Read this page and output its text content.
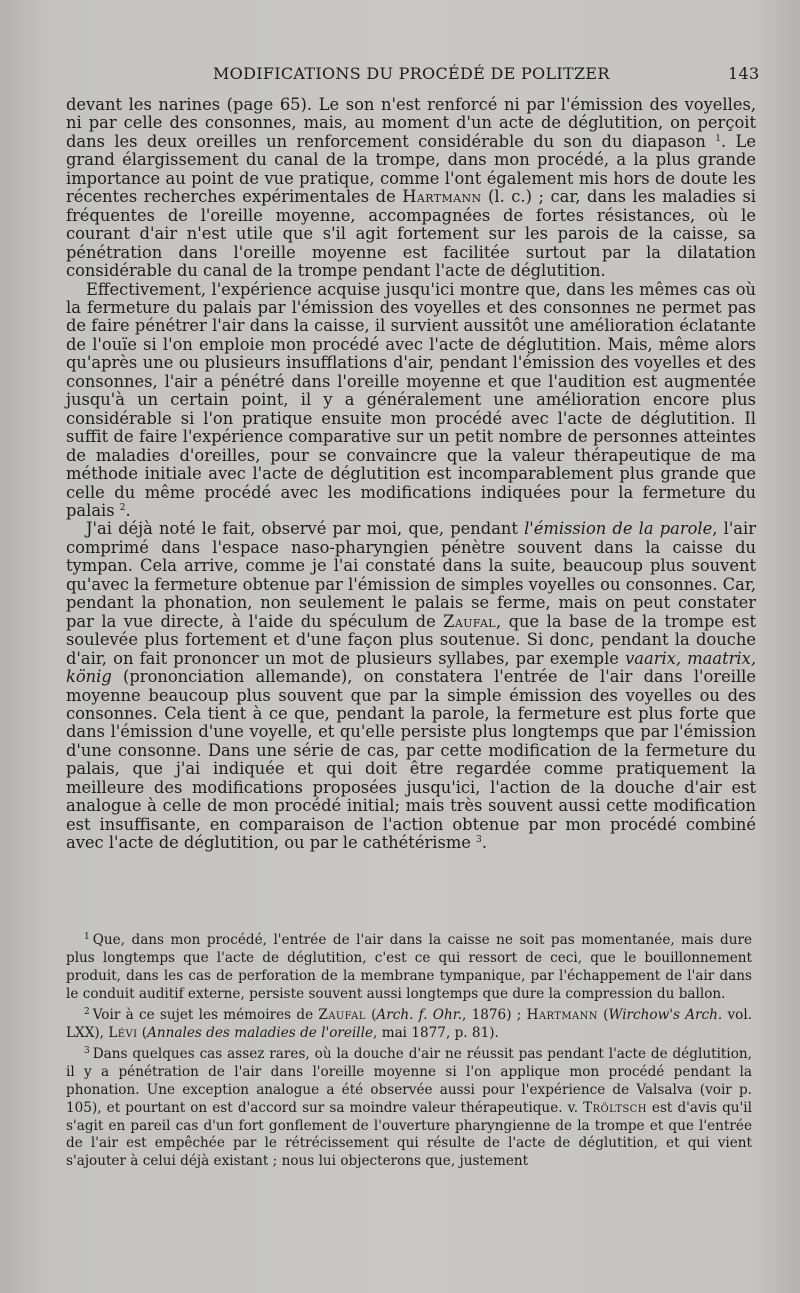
MODIFICATIONS DU PROCÉDÉ DE POLITZER	143

devant les narines (page 65). Le son n'est renforcé ni par l'émission des voyelles, ni par celle des consonnes, mais, au moment d'un acte de déglutition, on perçoit dans les deux oreilles un renforcement considérable du son du diapason $^1$. Le grand élargissement du canal de la trompe, dans mon procédé, a la plus grande importance au point de vue pratique, comme l'ont également mis hors de doute les récentes recherches expérimentales de Hartmann (l. c.) ; car, dans les maladies si fréquentes de l'oreille moyenne, accompagnées de fortes résistances, où le courant d'air n'est utile que s'il agit fortement sur les parois de la caisse, sa pénétration dans l'oreille moyenne est facilitée surtout par la dilatation considérable du canal de la trompe pendant l'acte de déglutition.

Effectivement, l'expérience acquise jusqu'ici montre que, dans les mêmes cas où la fermeture du palais par l'émission des voyelles et des consonnes ne permet pas de faire pénétrer l'air dans la caisse, il survient aussitôt une amélioration éclatante de l'ouïe si l'on emploie mon procédé avec l'acte de déglutition. Mais, même alors qu'après une ou plusieurs insufflations d'air, pendant l'émission des voyelles et des consonnes, l'air a pénétré dans l'oreille moyenne et que l'audition est augmentée jusqu'à un certain point, il y a généralement une amélioration encore plus considérable si l'on pratique ensuite mon procédé avec l'acte de déglutition. Il suffit de faire l'expérience comparative sur un petit nombre de personnes atteintes de maladies d'oreilles, pour se convaincre que la valeur thérapeutique de ma méthode initiale avec l'acte de déglutition est incomparablement plus grande que celle du même procédé avec les modifications indiquées pour la fermeture du palais $^2$.

J'ai déjà noté le fait, observé par moi, que, pendant l'émission de la parole, l'air comprimé dans l'espace naso-pharyngien pénètre souvent dans la caisse du tympan. Cela arrive, comme je l'ai constaté dans la suite, beaucoup plus souvent qu'avec la fermeture obtenue par l'émission de simples voyelles ou consonnes. Car, pendant la phonation, non seulement le palais se ferme, mais on peut constater par la vue directe, à l'aide du spéculum de Zaufal, que la base de la trompe est soulevée plus fortement et d'une façon plus soutenue. Si donc, pendant la douche d'air, on fait prononcer un mot de plusieurs syllabes, par exemple vaarix, maatrix, könig (prononciation allemande), on constatera l'entrée de l'air dans l'oreille moyenne beaucoup plus souvent que par la simple émission des voyelles ou des consonnes. Cela tient à ce que, pendant la parole, la fermeture est plus forte que dans l'émission d'une voyelle, et qu'elle persiste plus longtemps que par l'émission d'une consonne. Dans une série de cas, par cette modification de la fermeture du palais, que j'ai indiquée et qui doit être regardée comme pratiquement la meilleure des modifications proposées jusqu'ici, l'action de la douche d'air est analogue à celle de mon procédé initial; mais très souvent aussi cette modification est insuffisante, en comparaison de l'action obtenue par mon procédé combiné avec l'acte de déglutition, ou par le cathétérisme $^3$.

$^1$ Que, dans mon procédé, l'entrée de l'air dans la caisse ne soit pas momentanée, mais dure plus longtemps que l'acte de déglutition, c'est ce qui ressort de ceci, que le bouillonnement produit, dans les cas de perforation de la membrane tympanique, par l'échappement de l'air dans le conduit auditif externe, persiste souvent aussi longtemps que dure la compression du ballon.

$^2$ Voir à ce sujet les mémoires de Zaufal (Arch. f. Ohr., 1876) ; Hartmann (Wirchow's Arch. vol. LXX), Lévi (Annales des maladies de l'oreille, mai 1877, p. 81).

$^3$ Dans quelques cas assez rares, où la douche d'air ne réussit pas pendant l'acte de déglutition, il y a pénétration de l'air dans l'oreille moyenne si l'on applique mon procédé pendant la phonation. Une exception analogue a été observée aussi pour l'expérience de Valsalva (voir p. 105), et pourtant on est d'accord sur sa moindre valeur thérapeutique. v. Tröltsch est d'avis qu'il s'agit en pareil cas d'un fort gonflement de l'ouverture pharyngienne de la trompe et que l'entrée de l'air est empêchée par le rétrécissement qui résulte de l'acte de déglutition, et qui vient s'ajouter à celui déjà existant ; nous lui objecterons que, justement
